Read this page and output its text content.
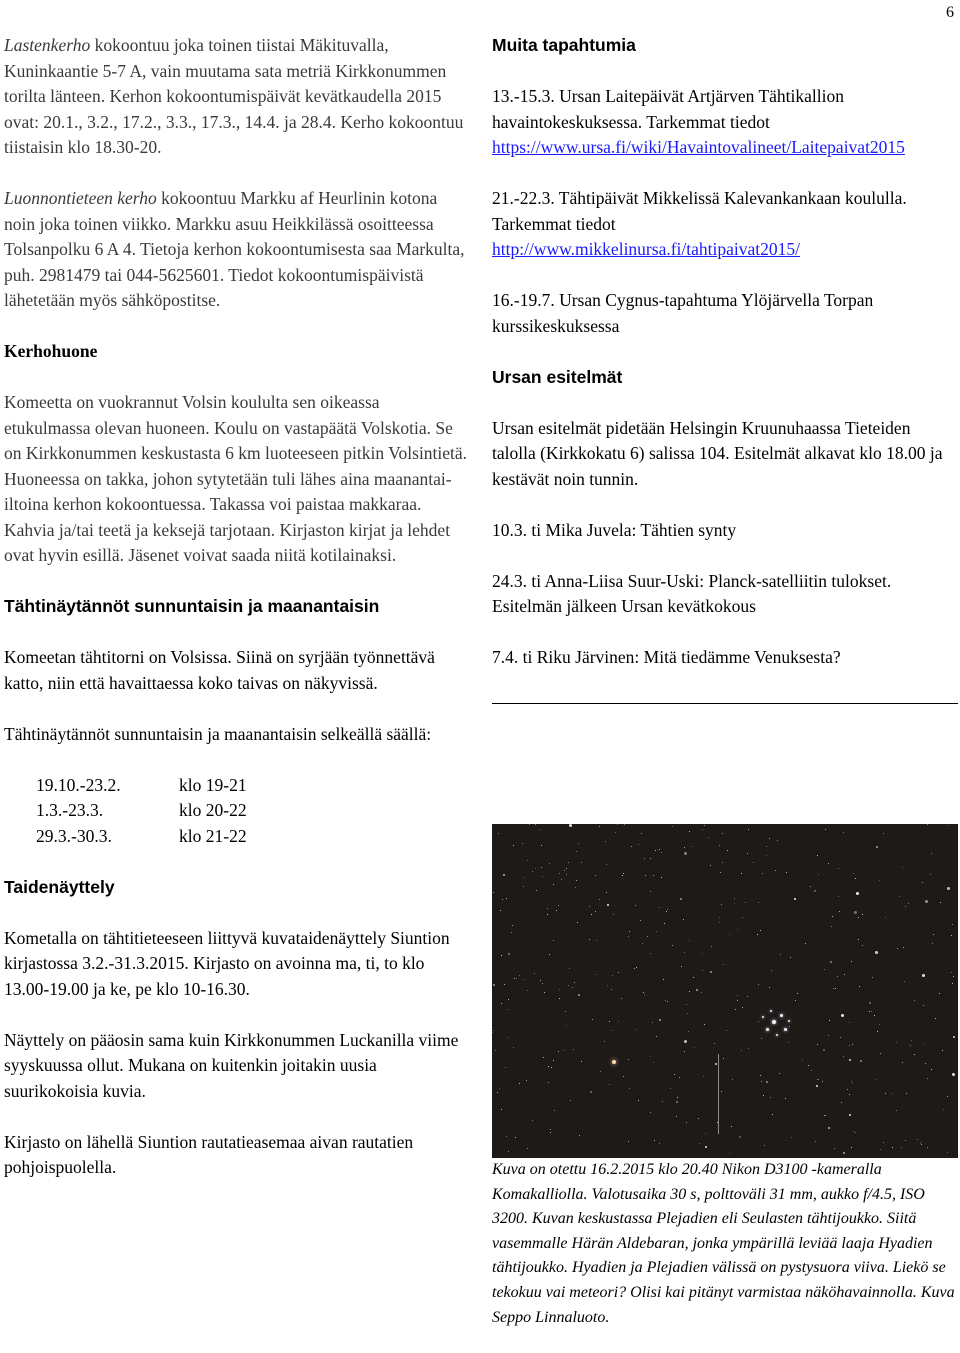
6

Lastenkerho kokoontuu joka toinen tiistai Mäkituvalla, Kuninkaantie 5-7 A, vain muutama sata metriä Kirkkonummen torilta länteen. Kerhon kokoontumispäivät kevätkaudella 2015 ovat: 20.1., 3.2., 17.2., 3.3., 17.3., 14.4. ja 28.4. Kerho kokoontuu tiistaisin klo 18.30-20.

Luonnontieteen kerho kokoontuu Markku af Heurlinin kotona noin joka toinen viikko. Markku asuu Heikkilässä osoitteessa Tolsanpolku 6 A 4. Tietoja kerhon kokoontumisesta saa Markulta, puh. 2981479 tai 044-5625601. Tiedot kokoontumispäivistä lähetetään myös sähköpostitse.

Kerhohuone

Komeetta on vuokrannut Volsin koululta sen oikeassa etukulmassa olevan huoneen. Koulu on vastapäätä Volskotia. Se on Kirkkonummen keskustasta 6 km luoteeseen pitkin Volsintietä. Huoneessa on takka, johon sytytetään tuli lähes aina maanantai-iltoina kerhon kokoontuessa. Takassa voi paistaa makkaraa. Kahvia ja/tai teetä ja keksejä tarjotaan. Kirjaston kirjat ja lehdet ovat hyvin esillä. Jäsenet voivat saada niitä kotilainaksi.

Tähtinäytännöt sunnuntaisin ja maanantaisin

Komeetan tähtitorni on Volsissa. Siinä on syrjään työnnettävä katto, niin että havaittaessa koko taivas on näkyvissä.

Tähtinäytännöt sunnuntaisin ja maanantaisin selkeällä säällä:

19.10.-23.2.	klo 19-21
1.3.-23.3.	klo 20-22
29.3.-30.3.	klo 21-22
Taidenäyttely

Kometalla on tähtitieteeseen liittyvä kuvataidenäyttely Siuntion kirjastossa 3.2.-31.3.2015. Kirjasto on avoinna ma, ti, to klo 13.00-19.00 ja ke, pe klo 10-16.30.

Näyttely on pääosin sama kuin Kirkkonummen Luckanilla viime syyskuussa ollut. Mukana on kuitenkin joitakin uusia suurikokoisia kuvia.

Kirjasto on lähellä Siuntion rautatieasemaa aivan rautatien pohjoispuolella.

Muita tapahtumia

13.-15.3. Ursan Laitepäivät Artjärven Tähtikallion havaintokeskuksessa. Tarkemmat tiedot
https://www.ursa.fi/wiki/Havaintovalineet/Laitepaivat2015

21.-22.3. Tähtipäivät Mikkelissä Kalevankankaan koululla. Tarkemmat tiedot
http://www.mikkelinursa.fi/tahtipaivat2015/

16.-19.7. Ursan Cygnus-tapahtuma Ylöjärvella Torpan kurssikeskuksessa

Ursan esitelmät

Ursan esitelmät pidetään Helsingin Kruunuhaassa Tieteiden talolla (Kirkkokatu 6) salissa 104. Esitelmät alkavat klo 18.00 ja kestävät noin tunnin.

10.3. ti Mika Juvela: Tähtien synty

24.3. ti Anna-Liisa Suur-Uski: Planck-satelliitin tulokset. Esitelmän jälkeen Ursan kevätkokous

7.4. ti Riku Järvinen: Mitä tiedämme Venuksesta?

Kuva on otettu 16.2.2015 klo 20.40 Nikon D3100 -kameralla Komakalliolla. Valotusaika 30 s, polttoväli 31 mm, aukko f/4.5, ISO 3200. Kuvan keskustassa Plejadien eli Seulasten tähtijoukko. Siitä vasemmalle Härän Aldebaran, jonka ympärillä leviää laaja Hyadien tähtijoukko. Hyadien ja Plejadien välissä on pystysuora viiva. Liekö se tekokuu vai meteori? Olisi kai pitänyt varmistaa näköhavainnolla. Kuva Seppo Linnaluoto.
